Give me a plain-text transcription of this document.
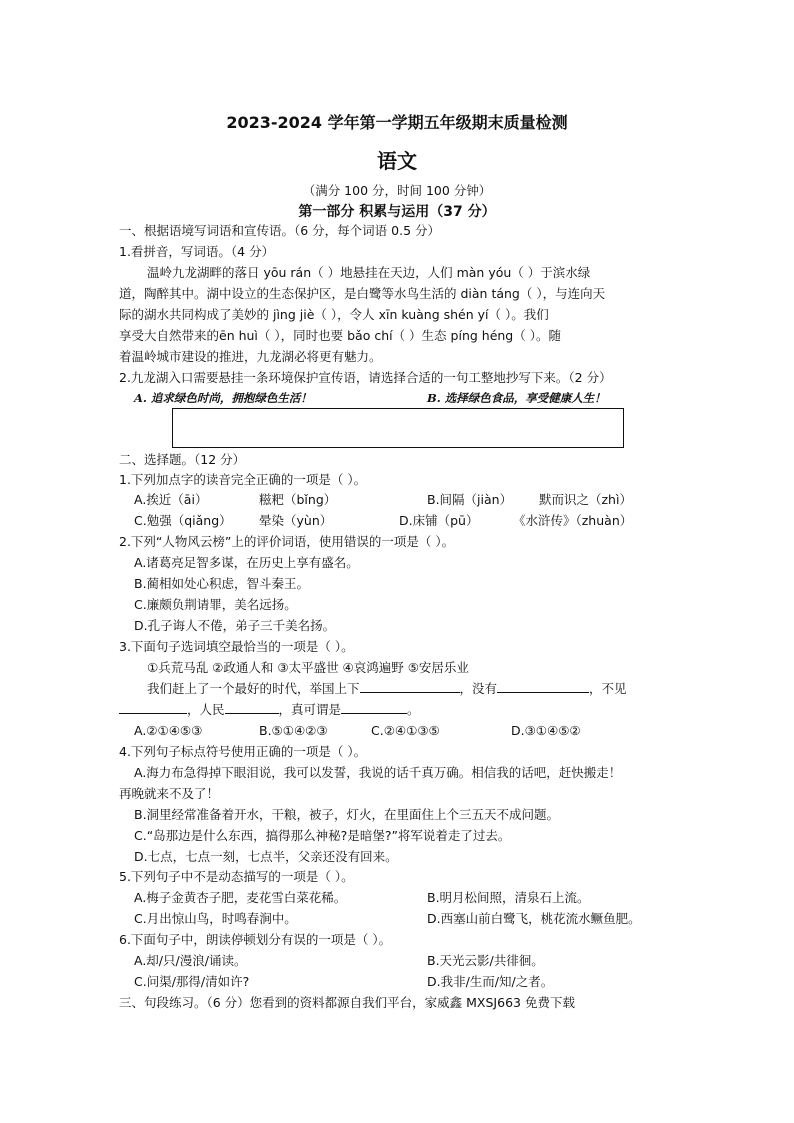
2023-2024 学年第一学期五年级期末质量检测
语文
（满分 100 分，时间 100 分钟）
第一部分 积累与运用（37 分）
一、根据语境写词语和宣传语。（6 分，每个词语 0.5 分）
1.看拼音，写词语。（4 分）
温岭九龙湖畔的落日 yōu rán（ ）地悬挂在天边，人们 màn yóu（ ）于滨水绿
道，陶醉其中。湖中设立的生态保护区，是白鹭等水鸟生活的 diàn táng（ ），与连向天
际的湖水共同构成了美妙的 jìng jiè（ ），令人 xīn kuàng shén yí（ ）。我们
享受大自然带来的ēn huì（ ），同时也要 bǎo chí（ ）生态 píng héng（ ）。随
着温岭城市建设的推进，九龙湖必将更有魅力。
2.九龙湖入口需要悬挂一条环境保护宣传语，请选择合适的一句工整地抄写下来。（2 分）
A. 追求绿色时尚，拥抱绿色生活！	B. 选择绿色食品，享受健康人生！
二、选择题。（12 分）
1.下列加点字的读音完全正确的一项是（ ）。
A.挨近（āi）	糍粑（bǐng）	B.间隔（jiàn） 默而识之（zhì）
C.勉强（qiǎng） 晕染（yùn）	D.床铺（pū）	《水浒传》（zhuàn）
2.下列“人物风云榜”上的评价词语，使用错误的一项是（ ）。
A.诸葛亮足智多谋，在历史上享有盛名。
B.蔺相如处心积虑，智斗秦王。
C.廉颇负荆请罪，美名远扬。
D.孔子诲人不倦，弟子三千美名扬。
3.下面句子选词填空最恰当的一项是（ ）。
①兵荒马乱 ②政通人和 ③太平盛世 ④哀鸿遍野 ⑤安居乐业
我们赶上了一个最好的时代，举国上下	，没有	，不见
，人民	，真可谓是	。
A.②①④⑤③	B.⑤①④②③	C.②④①③⑤	D.③①④⑤②
4.下列句子标点符号使用正确的一项是（ ）。
A.海力布急得掉下眼泪说，我可以发誓，我说的话千真万确。相信我的话吧，赶快搬走！
再晚就来不及了！
B.洞里经常准备着开水，干粮，被子，灯火，在里面住上个三五天不成问题。
C.“岛那边是什么东西，搞得那么神秘?是暗堡?”将军说着走了过去。
D.七点，七点一刻，七点半，父亲还没有回来。
5.下列句子中不是动态描写的一项是（ ）。
A.梅子金黄杏子肥，麦花雪白菜花稀。	B.明月松间照，清泉石上流。
C.月出惊山鸟，时鸣春涧中。	D.西塞山前白鹭飞，桃花流水鳜鱼肥。
6.下面句子中，朗读停顿划分有误的一项是（ ）。
A.却/只/漫浪/诵读。	B.天光云影/共徘徊。
C.问渠/那得/清如许?	D.我非/生而/知/之者。
三、句段练习。（6 分）您看到的资料都源自我们平台，家威鑫 MXSJ663 免费下载
